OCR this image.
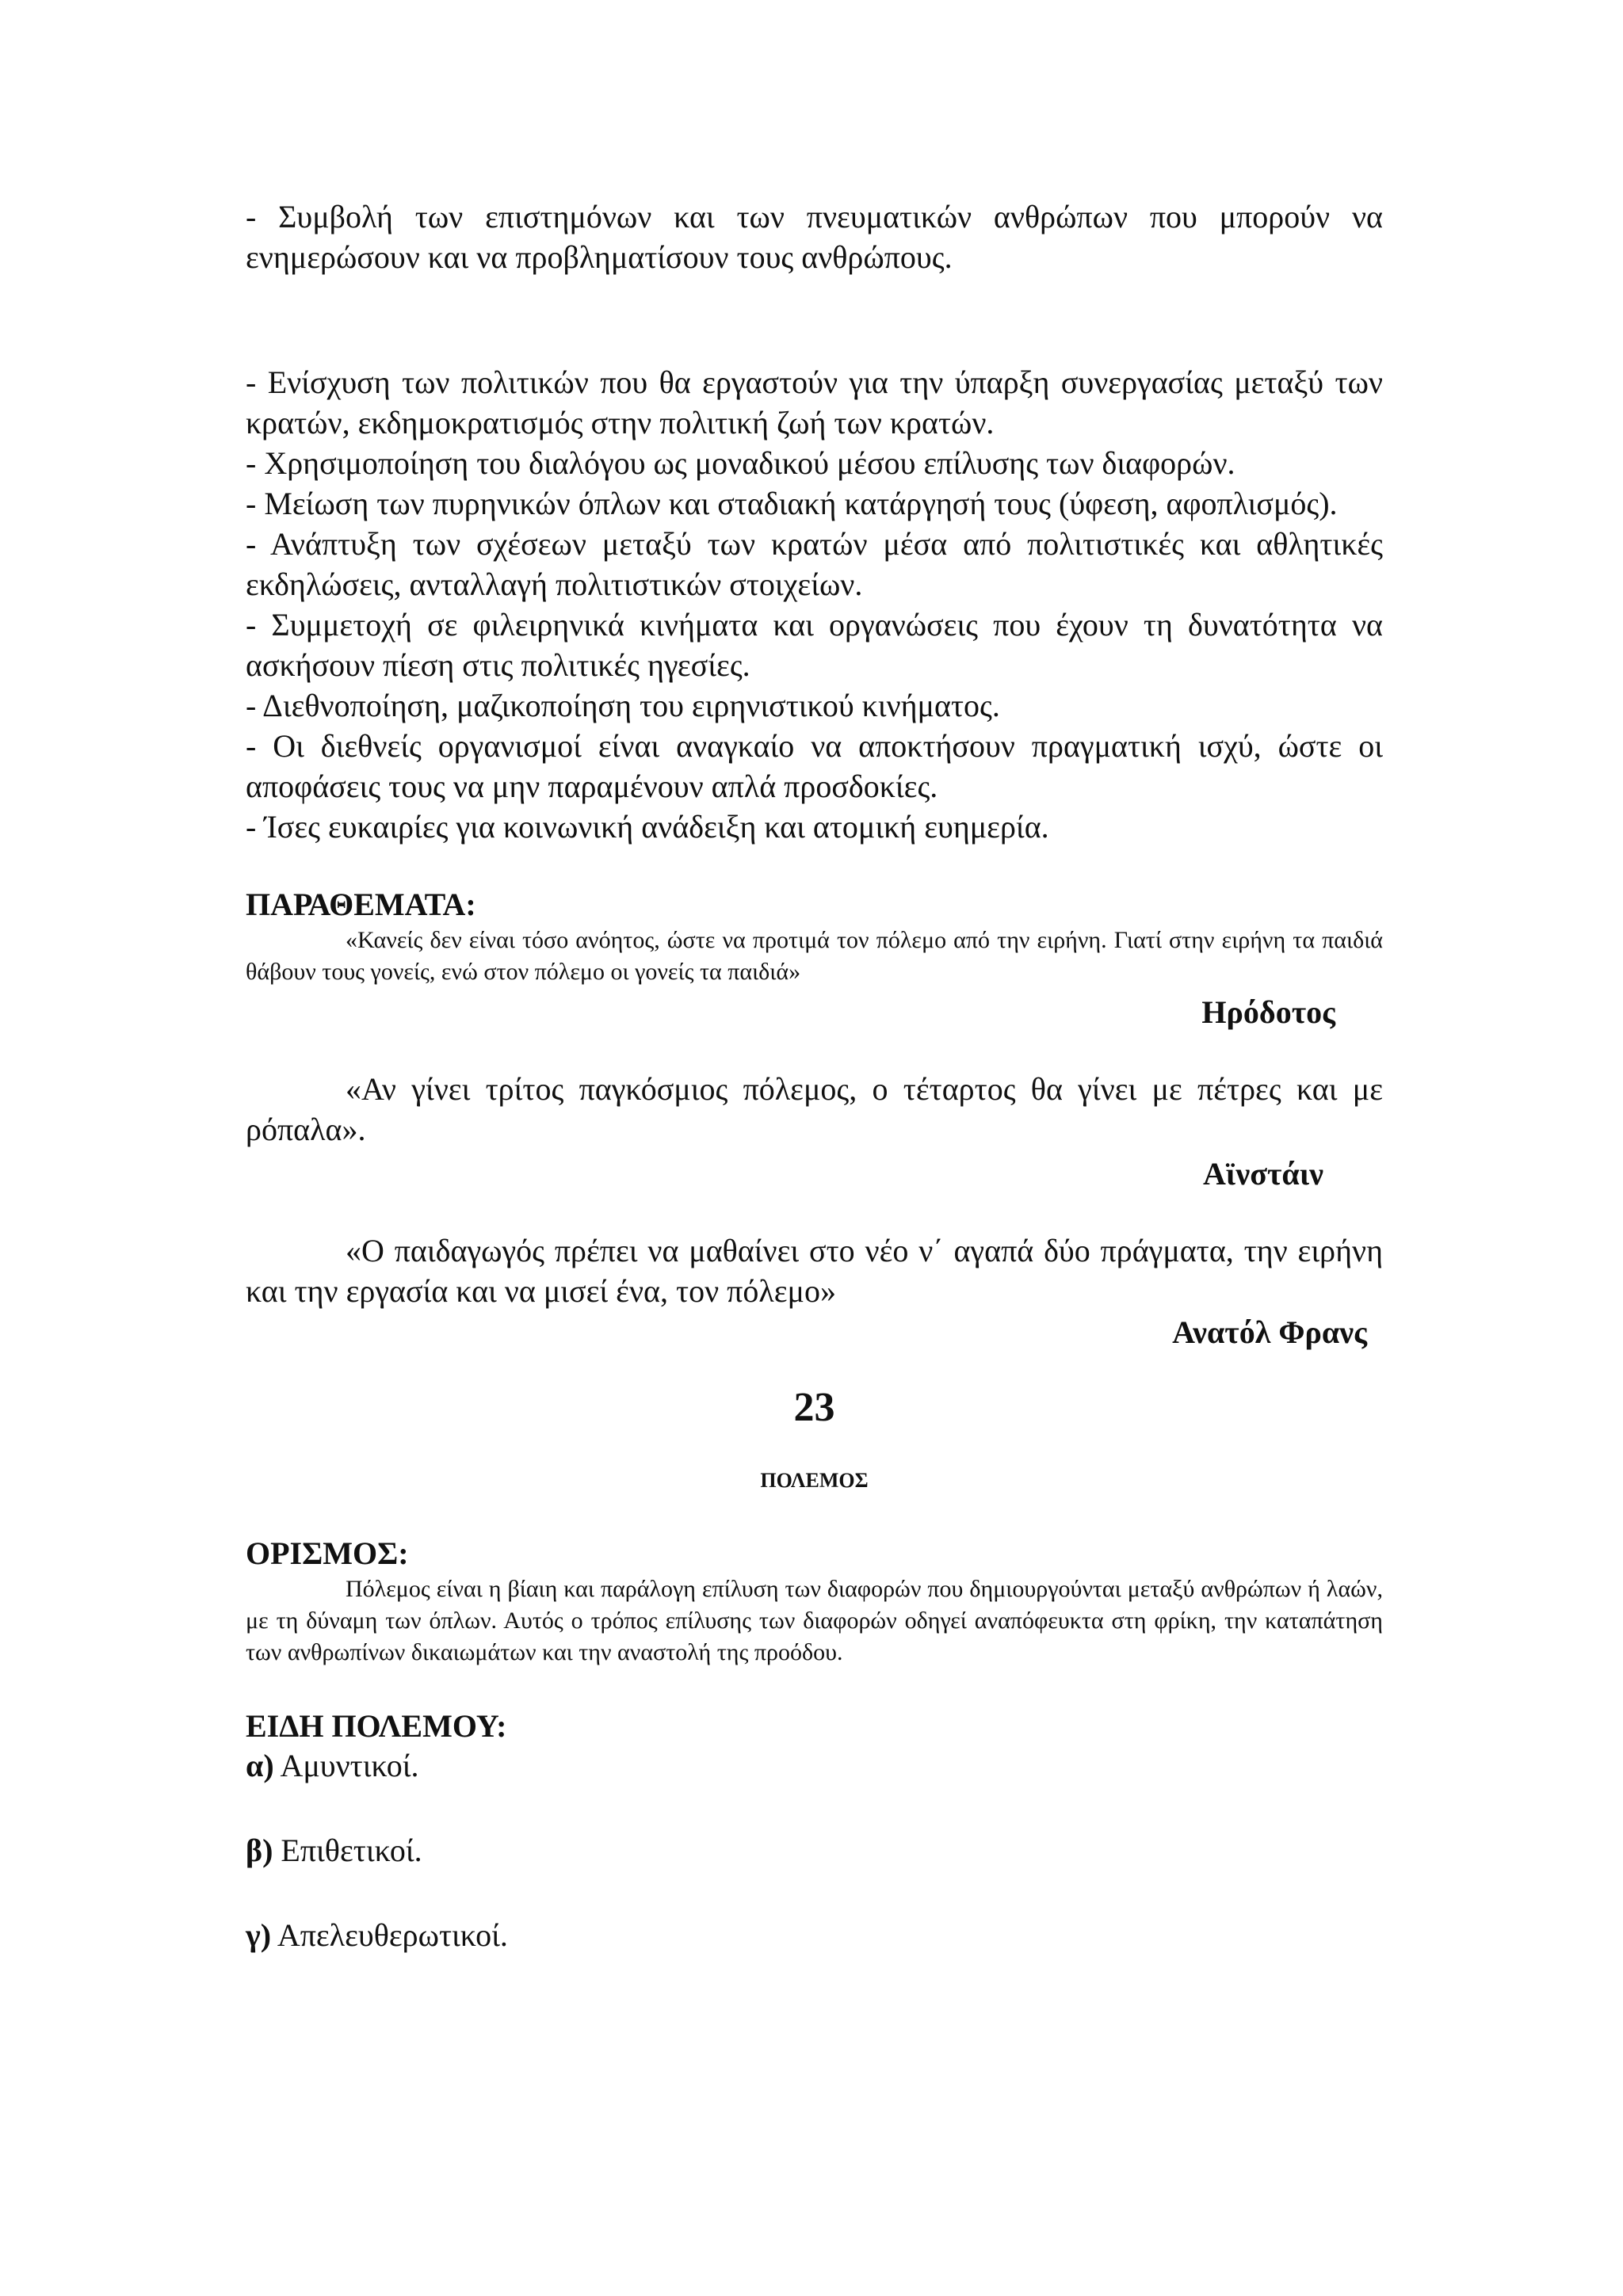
- Συμβολή των επιστημόνων και των πνευματικών ανθρώπων που μπορούν να ενημερώσουν και να προβληματίσουν τους ανθρώπους.

- Ενίσχυση των πολιτικών που θα εργαστούν για την ύπαρξη συνεργασίας μεταξύ των κρατών, εκδημοκρατισμός στην πολιτική ζωή των κρατών.

- Χρησιμοποίηση του διαλόγου ως μοναδικού μέσου επίλυσης των διαφορών.

- Μείωση των πυρηνικών όπλων και σταδιακή κατάργησή τους (ύφεση, αφοπλισμός).

- Ανάπτυξη των σχέσεων μεταξύ των κρατών μέσα από πολιτιστικές και αθλητικές εκδηλώσεις, ανταλλαγή πολιτιστικών στοιχείων.

- Συμμετοχή σε φιλειρηνικά κινήματα και οργανώσεις που έχουν τη δυνατότητα να ασκήσουν πίεση στις πολιτικές ηγεσίες.

- Διεθνοποίηση, μαζικοποίηση του ειρηνιστικού κινήματος.

- Οι διεθνείς οργανισμοί είναι αναγκαίο να αποκτήσουν πραγματική ισχύ, ώστε οι αποφάσεις τους να μην παραμένουν απλά προσδοκίες.

- Ίσες ευκαιρίες για κοινωνική ανάδειξη και ατομική ευημερία.

ΠΑΡΑΘΕΜΑΤΑ:

«Κανείς δεν είναι τόσο ανόητος, ώστε να προτιμά τον πόλεμο από την ειρήνη. Γιατί στην ειρήνη τα παιδιά θάβουν τους γονείς, ενώ στον πόλεμο οι γονείς τα παιδιά»

Ηρόδοτος

«Αν γίνει τρίτος παγκόσμιος πόλεμος, ο τέταρτος θα γίνει με πέτρες και με ρόπαλα».

Αϊνστάιν

«Ο παιδαγωγός πρέπει να μαθαίνει στο νέο ν΄ αγαπά δύο πράγματα, την ειρήνη και την εργασία και να μισεί ένα, τον πόλεμο»

Ανατόλ Φρανς

23

ΠΟΛΕΜΟΣ

ΟΡΙΣΜΟΣ:

Πόλεμος είναι η βίαιη και παράλογη επίλυση των διαφορών που δημιουργούνται μεταξύ ανθρώπων ή λαών, με τη δύναμη των όπλων. Αυτός ο τρόπος επίλυσης των διαφορών οδηγεί αναπόφευκτα στη φρίκη, την καταπάτηση των ανθρωπίνων δικαιωμάτων και την αναστολή της προόδου.

ΕΙΔΗ ΠΟΛΕΜΟΥ:

α) Αμυντικοί.

β) Επιθετικοί.

γ) Απελευθερωτικοί.
